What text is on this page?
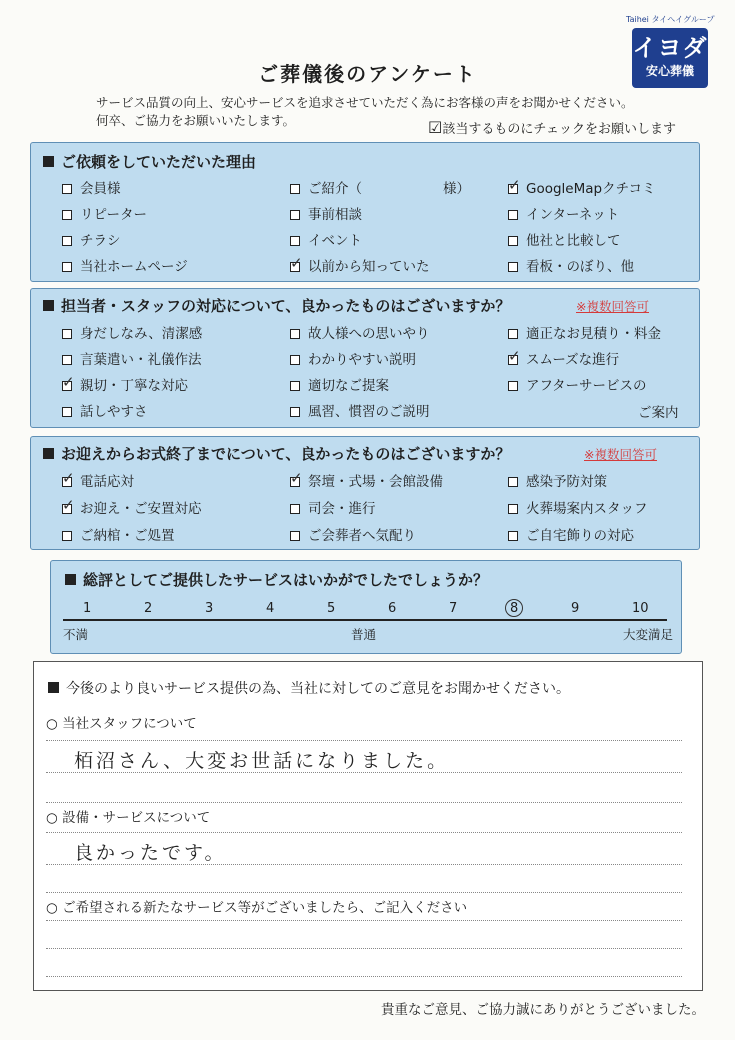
Taihei タイヘイグループ
イヨダ
安心葬儀
ご葬儀後のアンケート
サービス品質の向上、安心サービスを追求させていただく為にお客様の声をお聞かせください。
何卒、ご協力をお願いいたします。	☑該当するものにチェックをお願いします
ご依頼をしていただいた理由
会員様	ご紹介（　　　　　　様）	✓ GoogleMapクチコミ
リピーター	事前相談	インターネット
チラシ	イベント	他社と比較して
当社ホームページ	✓ 以前から知っていた	看板・のぼり、他
担当者・スタッフの対応について、良かったものはございますか？	※複数回答可
身だしなみ、清潔感	故人様への思いやり	適正なお見積り・料金
言葉遣い・礼儀作法	わかりやすい説明	✓ スムーズな進行
✓ 親切・丁寧な対応	適切なご提案	アフターサービスの
話しやすさ	風習、慣習のご説明	ご案内
お迎えからお式終了までについて、良かったものはございますか？	※複数回答可
✓ 電話応対	✓ 祭壇・式場・会館設備	感染予防対策
✓ お迎え・ご安置対応	司会・進行	火葬場案内スタッフ
ご納棺・ご処置	ご会葬者へ気配り	ご自宅飾りの対応
総評としてご提供したサービスはいかがでしたでしょうか？
1	2	3	4	5	6	7	8	9	10
不満	普通	大変満足
今後のより良いサービス提供の為、当社に対してのご意見をお聞かせください。
○ 当社スタッフについて
栢沼さん、大変お世話になりました。
○ 設備・サービスについて
良かったです。
○ ご希望される新たなサービス等がございましたら、ご記入ください
貴重なご意見、ご協力誠にありがとうございました。
